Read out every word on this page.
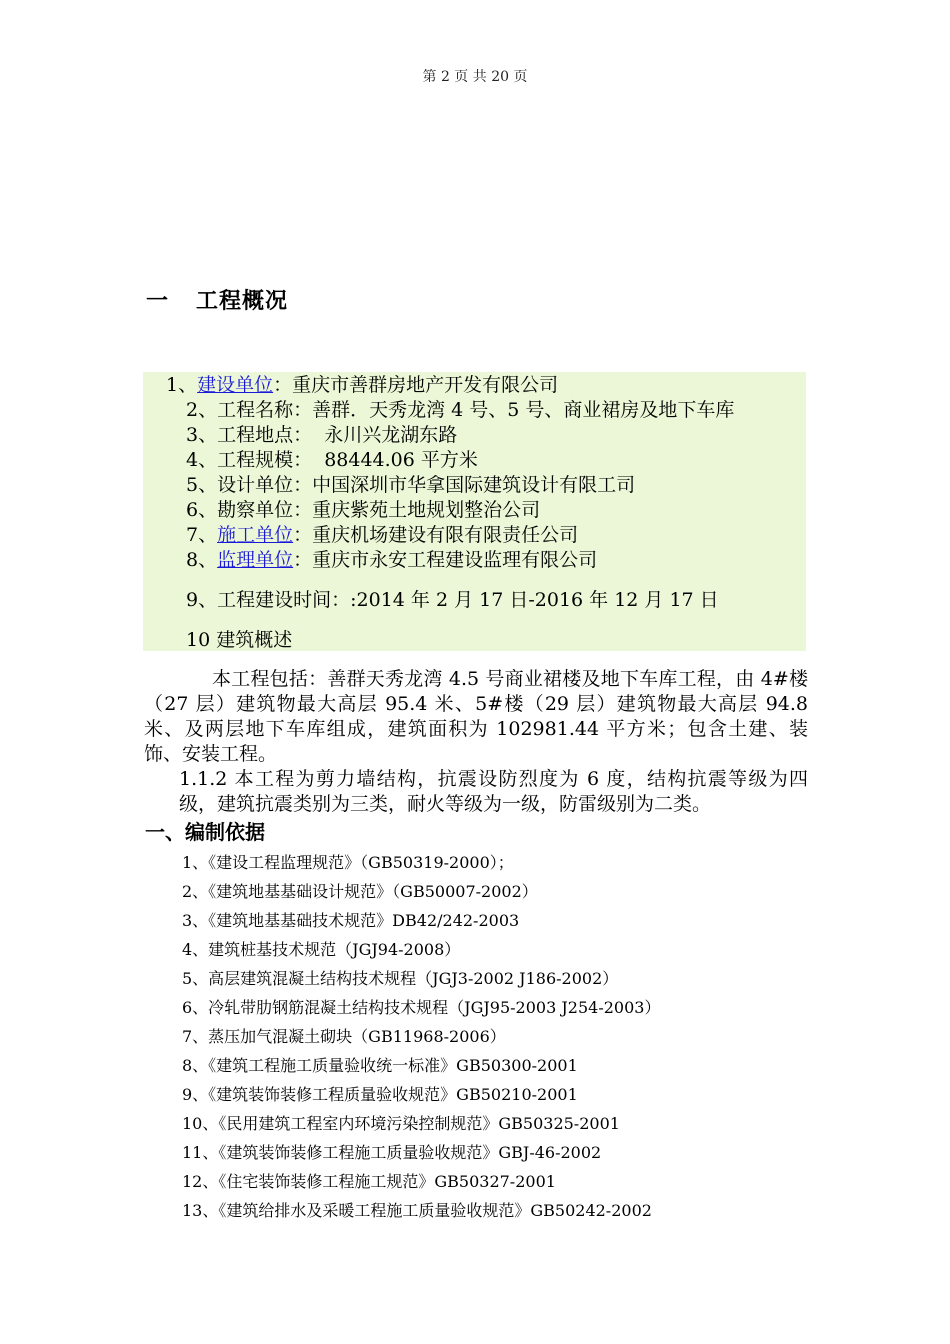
第 2 页 共 20 页
一 工程概况
1、建设单位：重庆市善群房地产开发有限公司
2、工程名称：善群．天秀龙湾 4 号、5 号、商业裙房及地下车库
3、工程地点：  永川兴龙湖东路
4、工程规模：  88444.06 平方米
5、设计单位：中国深圳市华拿国际建筑设计有限工司
6、勘察单位：重庆紫苑土地规划整治公司
7、施工单位：重庆机场建设有限有限责任公司
8、监理单位：重庆市永安工程建设监理有限公司
9、工程建设时间：:2014 年 2 月 17 日-2016 年 12 月 17 日
10 建筑概述

本工程包括：善群天秀龙湾 4.5 号商业裙楼及地下车库工程，由 4#楼（27 层）建筑物最大高层 95.4 米、5#楼（29 层）建筑物最大高层 94.8 米、及两层地下车库组成，建筑面积为 102981.44 平方米；包含土建、装饰、安装工程。

1.1.2 本工程为剪力墙结构，抗震设防烈度为 6 度，结构抗震等级为四级，建筑抗震类别为三类，耐火等级为一级，防雷级别为二类。

一、编制依据
1、《建设工程监理规范》（GB50319-2000）；
2、《建筑地基基础设计规范》（GB50007-2002）
3、《建筑地基基础技术规范》DB42/242-2003
4、建筑桩基技术规范（JGJ94-2008）
5、高层建筑混凝土结构技术规程（JGJ3-2002 J186-2002）
6、冷轧带肋钢筋混凝土结构技术规程（JGJ95-2003 J254-2003）
7、蒸压加气混凝土砌块（GB11968-2006）
8、《建筑工程施工质量验收统一标准》GB50300-2001
9、《建筑装饰装修工程质量验收规范》GB50210-2001
10、《民用建筑工程室内环境污染控制规范》GB50325-2001
11、《建筑装饰装修工程施工质量验收规范》GBJ-46-2002
12、《住宅装饰装修工程施工规范》GB50327-2001
13、《建筑给排水及采暖工程施工质量验收规范》GB50242-2002
